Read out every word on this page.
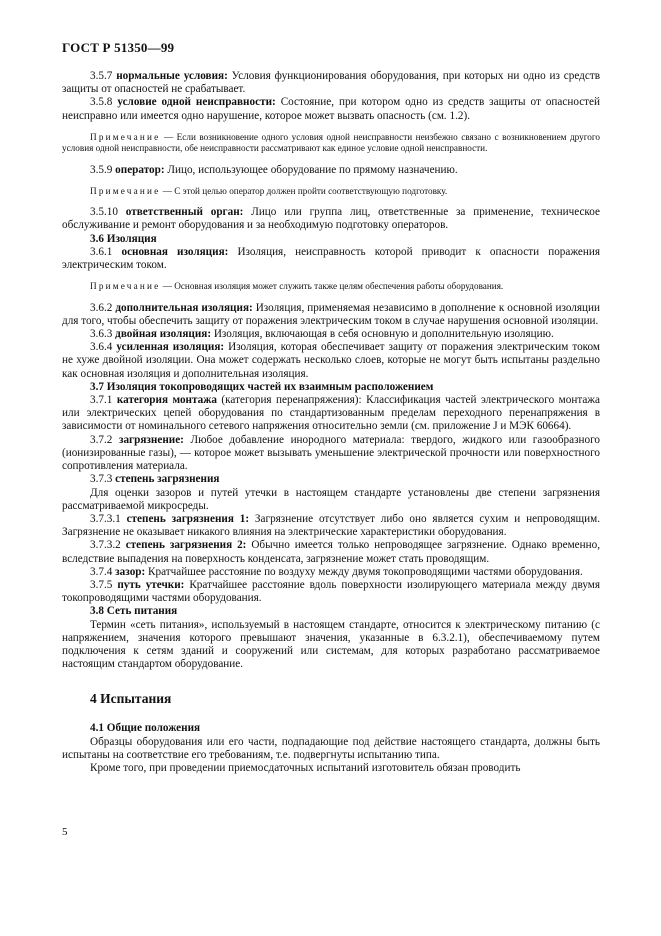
ГОСТ Р 51350—99

3.5.7 нормальные условия: Условия функционирования оборудования, при которых ни одно из средств защиты от опасностей не срабатывает.

3.5.8 условие одной неисправности: Состояние, при котором одно из средств защиты от опасностей неисправно или имеется одно нарушение, которое может вызвать опасность (см. 1.2).

Примечание — Если возникновение одного условия одной неисправности неизбежно связано с возникновением другого условия одной неисправности, обе неисправности рассматривают как единое условие одной неисправности.

3.5.9 оператор: Лицо, использующее оборудование по прямому назначению.

Примечание — С этой целью оператор должен пройти соответствующую подготовку.

3.5.10 ответственный орган: Лицо или группа лиц, ответственные за применение, техническое обслуживание и ремонт оборудования и за необходимую подготовку операторов.

3.6 Изоляция

3.6.1 основная изоляция: Изоляция, неисправность которой приводит к опасности поражения электрическим током.

Примечание — Основная изоляция может служить также целям обеспечения работы оборудования.

3.6.2 дополнительная изоляция: Изоляция, применяемая независимо в дополнение к основной изоляции для того, чтобы обеспечить защиту от поражения электрическим током в случае нарушения основной изоляции.

3.6.3 двойная изоляция: Изоляция, включающая в себя основную и дополнительную изоляцию.

3.6.4 усиленная изоляция: Изоляция, которая обеспечивает защиту от поражения электрическим током не хуже двойной изоляции. Она может содержать несколько слоев, которые не могут быть испытаны раздельно как основная изоляция и дополнительная изоляция.

3.7 Изоляция токопроводящих частей их взаимным расположением

3.7.1 категория монтажа (категория перенапряжения): Классификация частей электрического монтажа или электрических цепей оборудования по стандартизованным пределам переходного перенапряжения в зависимости от номинального сетевого напряжения относительно земли (см. приложение J и МЭК 60664).

3.7.2 загрязнение: Любое добавление инородного материала: твердого, жидкого или газообразного (ионизированные газы), — которое может вызывать уменьшение электрической прочности или поверхностного сопротивления материала.

3.7.3 степень загрязнения

Для оценки зазоров и путей утечки в настоящем стандарте установлены две степени загрязнения рассматриваемой микросреды.

3.7.3.1 степень загрязнения 1: Загрязнение отсутствует либо оно является сухим и непроводящим. Загрязнение не оказывает никакого влияния на электрические характеристики оборудования.

3.7.3.2 степень загрязнения 2: Обычно имеется только непроводящее загрязнение. Однако временно, вследствие выпадения на поверхность конденсата, загрязнение может стать проводящим.

3.7.4 зазор: Кратчайшее расстояние по воздуху между двумя токопроводящими частями оборудования.

3.7.5 путь утечки: Кратчайшее расстояние вдоль поверхности изолирующего материала между двумя токопроводящими частями оборудования.

3.8 Сеть питания

Термин «сеть питания», используемый в настоящем стандарте, относится к электрическому питанию (с напряжением, значения которого превышают значения, указанные в 6.3.2.1), обеспечиваемому путем подключения к сетям зданий и сооружений или системам, для которых разработано рассматриваемое настоящим стандартом оборудование.

4 Испытания

4.1 Общие положения

Образцы оборудования или его части, подпадающие под действие настоящего стандарта, должны быть испытаны на соответствие его требованиям, т.е. подвергнуты испытанию типа.

Кроме того, при проведении приемосдаточных испытаний изготовитель обязан проводить

5
